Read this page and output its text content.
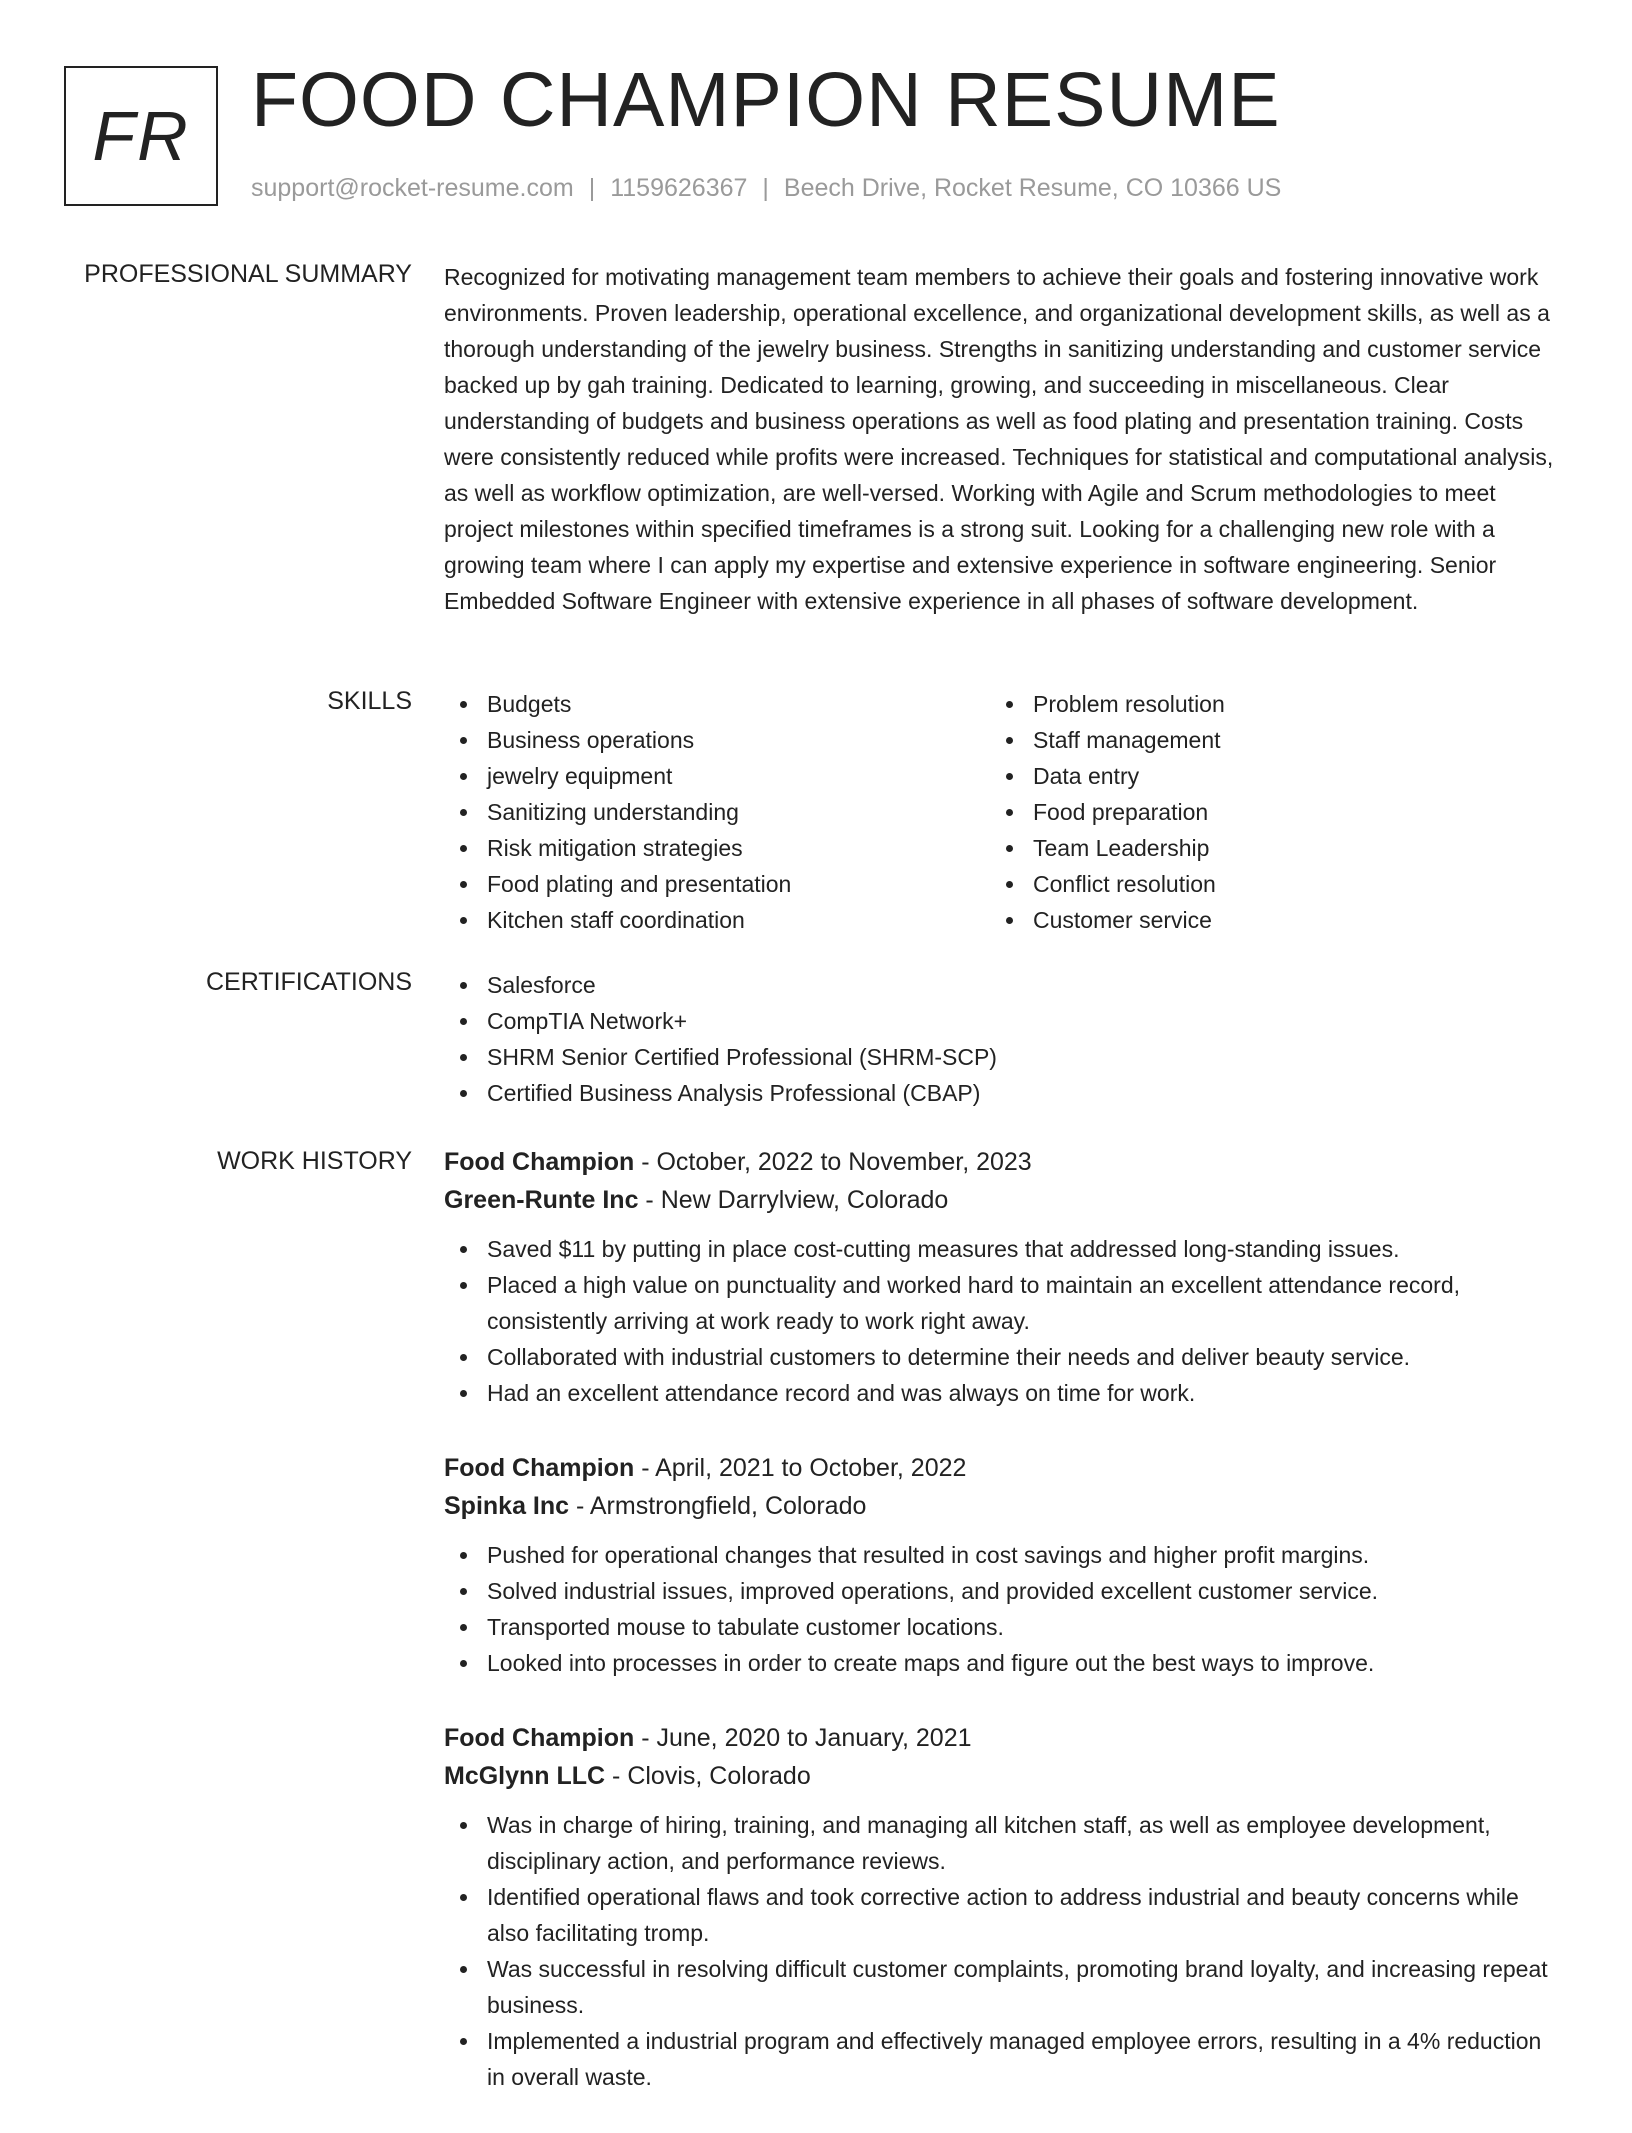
FR FOOD CHAMPION RESUME
support@rocket-resume.com | 1159626367 | Beech Drive, Rocket Resume, CO 10366 US
PROFESSIONAL SUMMARY Recognized for motivating management team members to achieve their goals and fostering innovative work environments. Proven leadership, operational excellence, and organizational development skills, as well as a thorough understanding of the jewelry business. Strengths in sanitizing understanding and customer service backed up by gah training. Dedicated to learning, growing, and succeeding in miscellaneous. Clear understanding of budgets and business operations as well as food plating and presentation training. Costs were consistently reduced while profits were increased. Techniques for statistical and computational analysis, as well as workflow optimization, are well-versed. Working with Agile and Scrum methodologies to meet project milestones within specified timeframes is a strong suit. Looking for a challenging new role with a growing team where I can apply my expertise and extensive experience in software engineering. Senior Embedded Software Engineer with extensive experience in all phases of software development.

SKILLS	Budgets
Business operations
jewelry equipment
Sanitizing understanding
Risk mitigation strategies
Food plating and presentation
Kitchen staff coordination
Problem resolution
Staff management
Data entry
Food preparation
Team Leadership
Conflict resolution
Customer service
CERTIFICATIONS	Salesforce
CompTIA Network+
SHRM Senior Certified Professional (SHRM-SCP)
Certified Business Analysis Professional (CBAP)
WORK HISTORY Food Champion - October, 2022 to November, 2023
Green-Runte Inc - New Darrylview, Colorado
Saved $11 by putting in place cost-cutting measures that addressed long-standing issues.
Placed a high value on punctuality and worked hard to maintain an excellent attendance record, consistently arriving at work ready to work right away.
Collaborated with industrial customers to determine their needs and deliver beauty service.
Had an excellent attendance record and was always on time for work.
Food Champion - April, 2021 to October, 2022
Spinka Inc - Armstrongfield, Colorado
Pushed for operational changes that resulted in cost savings and higher profit margins.
Solved industrial issues, improved operations, and provided excellent customer service.
Transported mouse to tabulate customer locations.
Looked into processes in order to create maps and figure out the best ways to improve.
Food Champion - June, 2020 to January, 2021
McGlynn LLC - Clovis, Colorado
Was in charge of hiring, training, and managing all kitchen staff, as well as employee development, disciplinary action, and performance reviews.
Identified operational flaws and took corrective action to address industrial and beauty concerns while also facilitating tromp.
Was successful in resolving difficult customer complaints, promoting brand loyalty, and increasing repeat business.
Implemented a industrial program and effectively managed employee errors, resulting in a 4% reduction in overall waste.
